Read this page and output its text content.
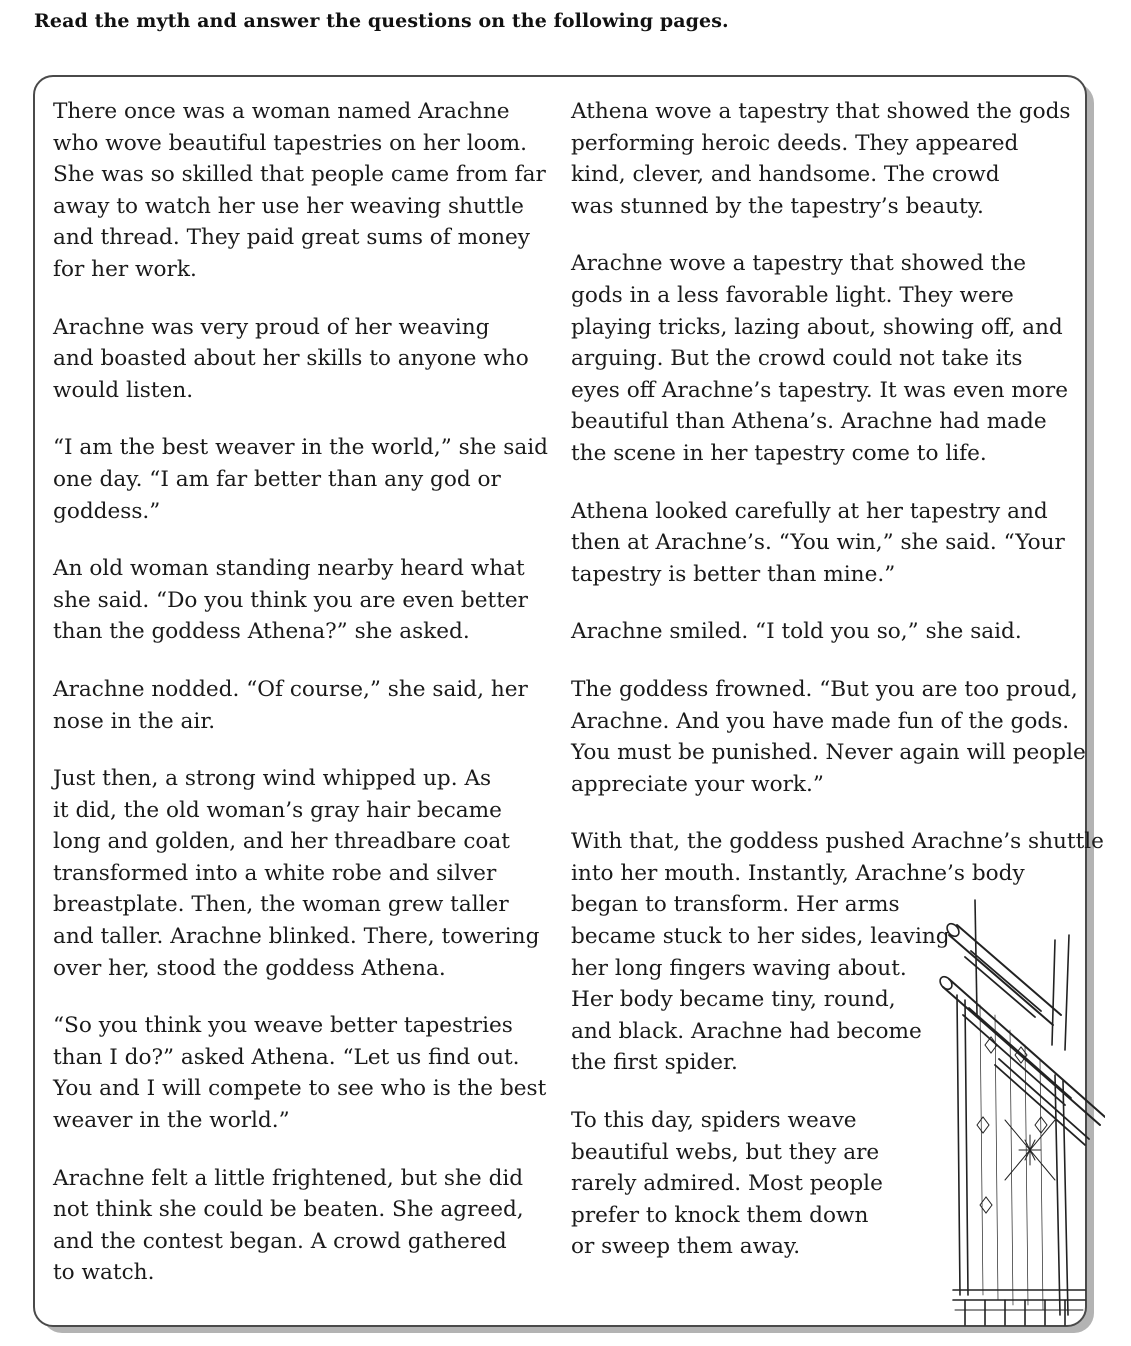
Read the myth and answer the questions on the following pages.

There once was a woman named Arachne
who wove beautiful tapestries on her loom.
She was so skilled that people came from far
away to watch her use her weaving shuttle
and thread. They paid great sums of money
for her work.

Arachne was very proud of her weaving
and boasted about her skills to anyone who
would listen.

“I am the best weaver in the world,” she said
one day. “I am far better than any god or
goddess.”

An old woman standing nearby heard what
she said. “Do you think you are even better
than the goddess Athena?” she asked.

Arachne nodded. “Of course,” she said, her
nose in the air.

Just then, a strong wind whipped up. As
it did, the old woman’s gray hair became
long and golden, and her threadbare coat
transformed into a white robe and silver
breastplate. Then, the woman grew taller
and taller. Arachne blinked. There, towering
over her, stood the goddess Athena.

“So you think you weave better tapestries
than I do?” asked Athena. “Let us find out.
You and I will compete to see who is the best
weaver in the world.”

Arachne felt a little frightened, but she did
not think she could be beaten. She agreed,
and the contest began. A crowd gathered
to watch.

Athena wove a tapestry that showed the gods
performing heroic deeds. They appeared
kind, clever, and handsome. The crowd
was stunned by the tapestry’s beauty.

Arachne wove a tapestry that showed the
gods in a less favorable light. They were
playing tricks, lazing about, showing off, and
arguing. But the crowd could not take its
eyes off Arachne’s tapestry. It was even more
beautiful than Athena’s. Arachne had made
the scene in her tapestry come to life.

Athena looked carefully at her tapestry and
then at Arachne’s. “You win,” she said. “Your
tapestry is better than mine.”

Arachne smiled. “I told you so,” she said.

The goddess frowned. “But you are too proud,
Arachne. And you have made fun of the gods.
You must be punished. Never again will people
appreciate your work.”

With that, the goddess pushed Arachne’s shuttle
into her mouth. Instantly, Arachne’s body
began to transform. Her arms
became stuck to her sides, leaving
her long fingers waving about.
Her body became tiny, round,
and black. Arachne had become
the first spider.

To this day, spiders weave
beautiful webs, but they are
rarely admired. Most people
prefer to knock them down
or sweep them away.
